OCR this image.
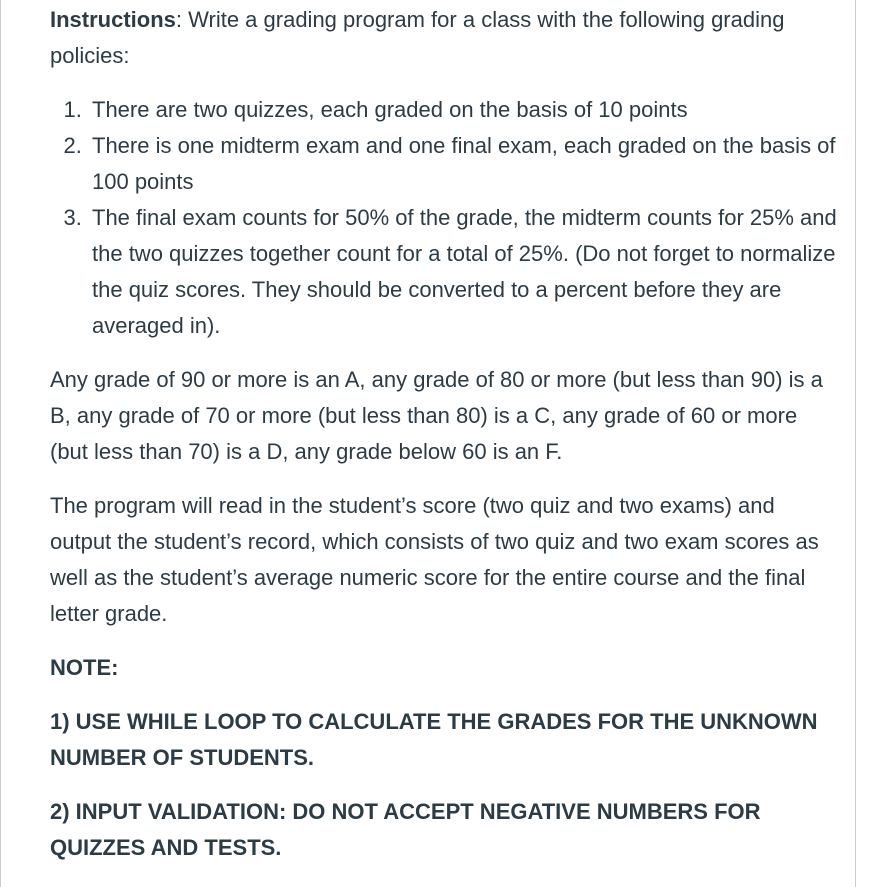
Instructions: Write a grading program for a class with the following grading policies:

1. There are two quizzes, each graded on the basis of 10 points
2. There is one midterm exam and one final exam, each graded on the basis of 100 points
3. The final exam counts for 50% of the grade, the midterm counts for 25% and the two quizzes together count for a total of 25%. (Do not forget to normalize the quiz scores. They should be converted to a percent before they are averaged in).

Any grade of 90 or more is an A, any grade of 80 or more (but less than 90) is a B, any grade of 70 or more (but less than 80) is a C, any grade of 60 or more (but less than 70) is a D, any grade below 60 is an F.

The program will read in the student’s score (two quiz and two exams) and output the student’s record, which consists of two quiz and two exam scores as well as the student’s average numeric score for the entire course and the final letter grade.

NOTE:

1) USE WHILE LOOP TO CALCULATE THE GRADES FOR THE UNKNOWN NUMBER OF STUDENTS.

2) INPUT VALIDATION: DO NOT ACCEPT NEGATIVE NUMBERS FOR QUIZZES AND TESTS.
